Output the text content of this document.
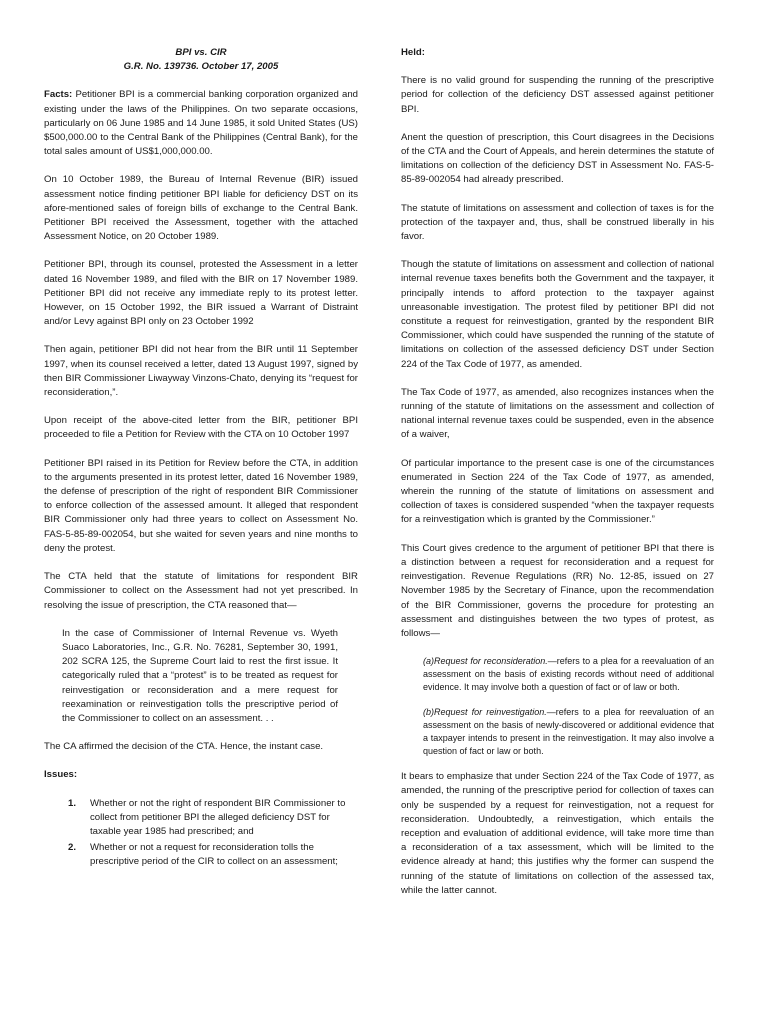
BPI vs. CIR

G.R. No. 139736. October 17, 2005

Facts: Petitioner BPI is a commercial banking corporation organized and existing under the laws of the Philippines. On two separate occasions, particularly on 06 June 1985 and 14 June 1985, it sold United States (US) $500,000.00 to the Central Bank of the Philippines (Central Bank), for the total sales amount of US$1,000,000.00.

On 10 October 1989, the Bureau of Internal Revenue (BIR) issued assessment notice finding petitioner BPI liable for deficiency DST on its afore-mentioned sales of foreign bills of exchange to the Central Bank. Petitioner BPI received the Assessment, together with the attached Assessment Notice, on 20 October 1989.

Petitioner BPI, through its counsel, protested the Assessment in a letter dated 16 November 1989, and filed with the BIR on 17 November 1989. Petitioner BPI did not receive any immediate reply to its protest letter. However, on 15 October 1992, the BIR issued a Warrant of Distraint and/or Levy against BPI only on 23 October 1992

Then again, petitioner BPI did not hear from the BIR until 11 September 1997, when its counsel received a letter, dated 13 August 1997, signed by then BIR Commissioner Liwayway Vinzons-Chato, denying its “request for reconsideration,”.

Upon receipt of the above-cited letter from the BIR, petitioner BPI proceeded to file a Petition for Review with the CTA on 10 October 1997

Petitioner BPI raised in its Petition for Review before the CTA, in addition to the arguments presented in its protest letter, dated 16 November 1989, the defense of prescription of the right of respondent BIR Commissioner to enforce collection of the assessed amount. It alleged that respondent BIR Commissioner only had three years to collect on Assessment No. FAS-5-85-89-002054, but she waited for seven years and nine months to deny the protest.

The CTA held that the statute of limitations for respondent BIR Commissioner to collect on the Assessment had not yet prescribed. In resolving the issue of prescription, the CTA reasoned that—

In the case of Commissioner of Internal Revenue vs. Wyeth Suaco Laboratories, Inc., G.R. No. 76281, September 30, 1991, 202 SCRA 125, the Supreme Court laid to rest the first issue. It categorically ruled that a “protest” is to be treated as request for reinvestigation or reconsideration and a mere request for reexamination or reinvestigation tolls the prescriptive period of the Commissioner to collect on an assessment. . .

The CA affirmed the decision of the CTA. Hence, the instant case.

Issues:

1. Whether or not the right of respondent BIR Commissioner to collect from petitioner BPI the alleged deficiency DST for taxable year 1985 had prescribed; and
2. Whether or not a request for reconsideration tolls the prescriptive period of the CIR to collect on an assessment;

Held:

There is no valid ground for suspending the running of the prescriptive period for collection of the deficiency DST assessed against petitioner BPI.

Anent the question of prescription, this Court disagrees in the Decisions of the CTA and the Court of Appeals, and herein determines the statute of limitations on collection of the deficiency DST in Assessment No. FAS-5-85-89-002054 had already prescribed.

The statute of limitations on assessment and collection of taxes is for the protection of the taxpayer and, thus, shall be construed liberally in his favor.

Though the statute of limitations on assessment and collection of national internal revenue taxes benefits both the Government and the taxpayer, it principally intends to afford protection to the taxpayer against unreasonable investigation. The protest filed by petitioner BPI did not constitute a request for reinvestigation, granted by the respondent BIR Commissioner, which could have suspended the running of the statute of limitations on collection of the assessed deficiency DST under Section 224 of the Tax Code of 1977, as amended.

The Tax Code of 1977, as amended, also recognizes instances when the running of the statute of limitations on the assessment and collection of national internal revenue taxes could be suspended, even in the absence of a waiver,

Of particular importance to the present case is one of the circumstances enumerated in Section 224 of the Tax Code of 1977, as amended, wherein the running of the statute of limitations on assessment and collection of taxes is considered suspended “when the taxpayer requests for a reinvestigation which is granted by the Commissioner.”

This Court gives credence to the argument of petitioner BPI that there is a distinction between a request for reconsideration and a request for reinvestigation. Revenue Regulations (RR) No. 12-85, issued on 27 November 1985 by the Secretary of Finance, upon the recommendation of the BIR Commissioner, governs the procedure for protesting an assessment and distinguishes between the two types of protest, as follows—

(a)Request for reconsideration.—refers to a plea for a reevaluation of an assessment on the basis of existing records without need of additional evidence. It may involve both a question of fact or of law or both.

(b)Request for reinvestigation.—refers to a plea for reevaluation of an assessment on the basis of newly-discovered or additional evidence that a taxpayer intends to present in the reinvestigation. It may also involve a question of fact or law or both.

It bears to emphasize that under Section 224 of the Tax Code of 1977, as amended, the running of the prescriptive period for collection of taxes can only be suspended by a request for reinvestigation, not a request for reconsideration. Undoubtedly, a reinvestigation, which entails the reception and evaluation of additional evidence, will take more time than a reconsideration of a tax assessment, which will be limited to the evidence already at hand; this justifies why the former can suspend the running of the statute of limitations on collection of the assessed tax, while the latter cannot.
